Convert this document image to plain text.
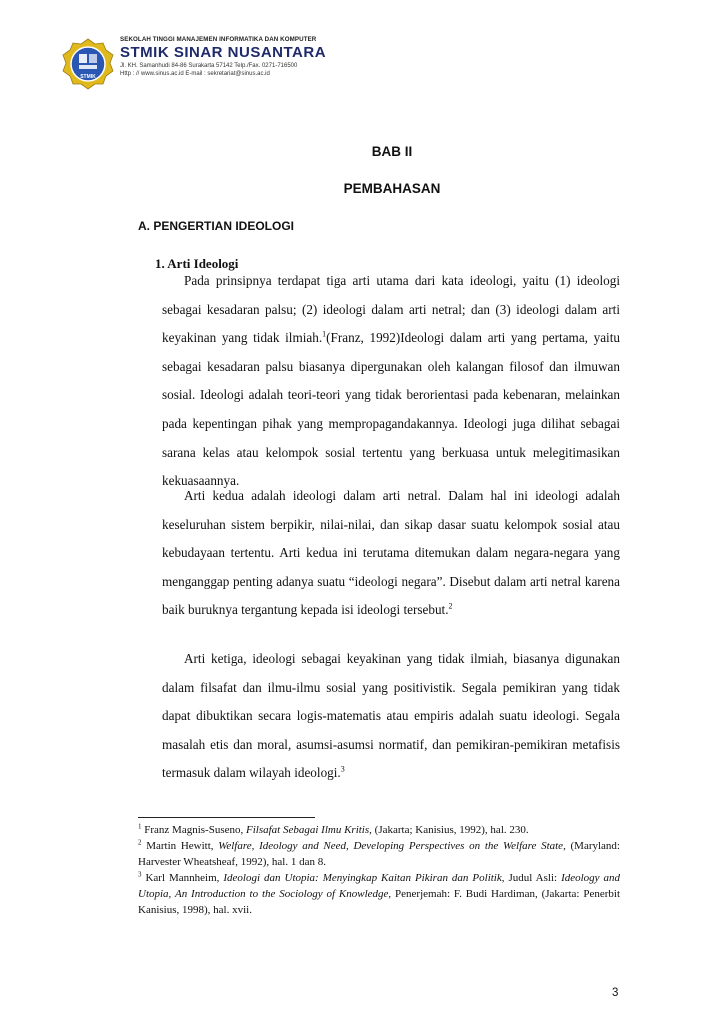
STMIK
SEKOLAH TINGGI MANAJEMEN INFORMATIKA DAN KOMPUTER
STMIK SINAR NUSANTARA
Jl. KH. Samanhudi 84-86 Surakarta 57142 Telp./Fax. 0271-716500
Http : // www.sinus.ac.id E-mail : sekretariat@sinus.ac.id
BAB II
PEMBAHASAN
A. PENGERTIAN IDEOLOGI
1. Arti Ideologi
Pada prinsipnya terdapat tiga arti utama dari kata ideologi, yaitu (1) ideologi sebagai kesadaran palsu; (2) ideologi dalam arti netral; dan (3) ideologi dalam arti keyakinan yang tidak ilmiah.$^1$(Franz, 1992)Ideologi dalam arti yang pertama, yaitu sebagai kesadaran palsu biasanya dipergunakan oleh kalangan filosof dan ilmuwan sosial. Ideologi adalah teori-teori yang tidak berorientasi pada kebenaran, melainkan pada kepentingan pihak yang mempropagandakannya. Ideologi juga dilihat sebagai sarana kelas atau kelompok sosial tertentu yang berkuasa untuk melegitimasikan kekuasaannya.
Arti kedua adalah ideologi dalam arti netral. Dalam hal ini ideologi adalah keseluruhan sistem berpikir, nilai-nilai, dan sikap dasar suatu kelompok sosial atau kebudayaan tertentu. Arti kedua ini terutama ditemukan dalam negara-negara yang menganggap penting adanya suatu “ideologi negara”. Disebut dalam arti netral karena baik buruknya tergantung kepada isi ideologi tersebut.$^2$
Arti ketiga, ideologi sebagai keyakinan yang tidak ilmiah, biasanya digunakan dalam filsafat dan ilmu-ilmu sosial yang positivistik. Segala pemikiran yang tidak dapat dibuktikan secara logis-matematis atau empiris adalah suatu ideologi. Segala masalah etis dan moral, asumsi-asumsi normatif, dan pemikiran-pemikiran metafisis termasuk dalam wilayah ideologi.$^3$

$^1$ Franz Magnis-Suseno, Filsafat Sebagai Ilmu Kritis, (Jakarta; Kanisius, 1992), hal. 230.

$^2$ Martin Hewitt, Welfare, Ideology and Need, Developing Perspectives on the Welfare State, (Maryland: Harvester Wheatsheaf, 1992), hal. 1 dan 8.

$^3$ Karl Mannheim, Ideologi dan Utopia: Menyingkap Kaitan Pikiran dan Politik, Judul Asli: Ideology and Utopia, An Introduction to the Sociology of Knowledge, Penerjemah: F. Budi Hardiman, (Jakarta: Penerbit Kanisius, 1998), hal. xvii.

3
